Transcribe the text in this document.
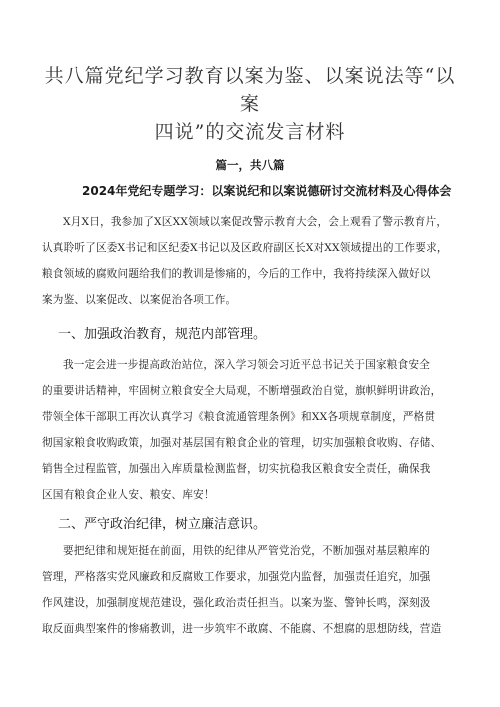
共八篇党纪学习教育以案为鉴、以案说法等“以案
四说”的交流发言材料
篇一，共八篇
2024年党纪专题学习：以案说纪和以案说德研讨交流材料及心得体会
X月X日，我参加了X区XX领域以案促改警示教育大会，会上观看了警示教育片，
认真聆听了区委X书记和区纪委X书记以及区政府副区长X对XX领域提出的工作要求，
粮食领域的腐败问题给我们的教训是惨痛的，今后的工作中，我将持续深入做好以
案为鉴、以案促改、以案促治各项工作。
一、加强政治教育，规范内部管理。
我一定会进一步提高政治站位，深入学习领会习近平总书记关于国家粮食安全
的重要讲话精神，牢固树立粮食安全大局观，不断增强政治自觉，旗帜鲜明讲政治，
带领全体干部职工再次认真学习《粮食流通管理条例》和XX各项规章制度，严格贯
彻国家粮食收购政策，加强对基层国有粮食企业的管理，切实加强粮食收购、存储、
销售全过程监管，加强出入库质量检测监督，切实抗稳我区粮食安全责任，确保我
区国有粮食企业人安、粮安、库安！
二、严守政治纪律，树立廉洁意识。
要把纪律和规矩挺在前面，用铁的纪律从严管党治党，不断加强对基层粮库的
管理，严格落实党风廉政和反腐败工作要求，加强党内监督，加强责任追究，加强
作风建设，加强制度规范建设，强化政治责任担当。以案为鉴、警钟长鸣，深刻汲
取反面典型案件的惨痛教训，进一步筑牢不敢腐、不能腐、不想腐的思想防线，营造
